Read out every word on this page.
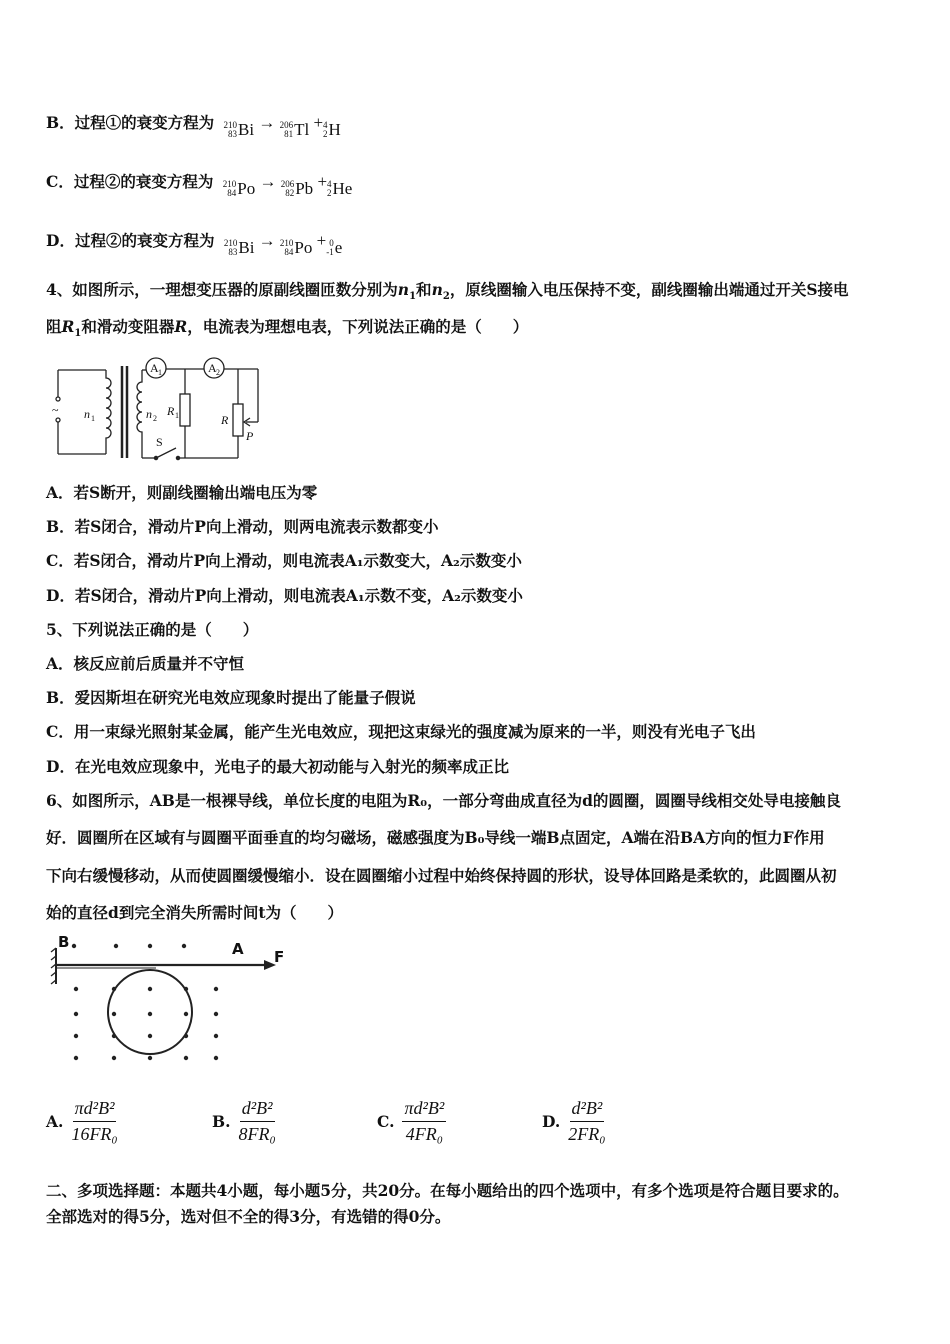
B．过程①的衰变方程为 210
83 Bi → 206
81 Tl + 4
2 H
C．过程②的衰变方程为 210
84 Po → 206
82 Pb + 4
2 He
D．过程②的衰变方程为 210
83 Bi → 210
84 Po + 0
-1 e
4、如图所示，一理想变压器的原副线圈匝数分别为$n_1$和$n_2$，原线圈输入电压保持不变，副线圈输出端通过开关S接电
阻$R_1$和滑动变阻器R，电流表为理想电表，下列说法正确的是（　　）
~ n 1	n 2
A 1	A 2
R 1	R
P
S
A．若S断开，则副线圈输出端电压为零
B．若S闭合，滑动片P向上滑动，则两电流表示数都变小
C．若S闭合，滑动片P向上滑动，则电流表A₁示数变大，A₂示数变小
D．若S闭合，滑动片P向上滑动，则电流表A₁示数不变，A₂示数变小
5、下列说法正确的是（　　）
A．核反应前后质量并不守恒
B．爱因斯坦在研究光电效应现象时提出了能量子假说
C．用一束绿光照射某金属，能产生光电效应，现把这束绿光的强度减为原来的一半，则没有光电子飞出
D．在光电效应现象中，光电子的最大初动能与入射光的频率成正比
6、如图所示，AB是一根裸导线，单位长度的电阻为R₀，一部分弯曲成直径为d的圆圈，圆圈导线相交处导电接触良
好．圆圈所在区域有与圆圈平面垂直的均匀磁场，磁感强度为B₀导线一端B点固定，A端在沿BA方向的恒力F作用
下向右缓慢移动，从而使圆圈缓慢缩小．设在圆圈缩小过程中始终保持圆的形状，设导体回路是柔软的，此圆圈从初
始的直径d到完全消失所需时间t为（　　）
B	A F
A. $\frac{\text{πd²B²}}{\text{16FR₀}}$	B. $\frac{\text{d²B²}}{\text{8FR₀}}$	C. $\frac{\text{πd²B²}}{\text{4FR₀}}$	D. $\frac{\text{d²B²}}{\text{2FR₀}}$
二、多项选择题：本题共4小题，每小题5分，共20分。在每小题给出的四个选项中，有多个选项是符合题目要求的。
全部选对的得5分，选对但不全的得3分，有选错的得0分。
